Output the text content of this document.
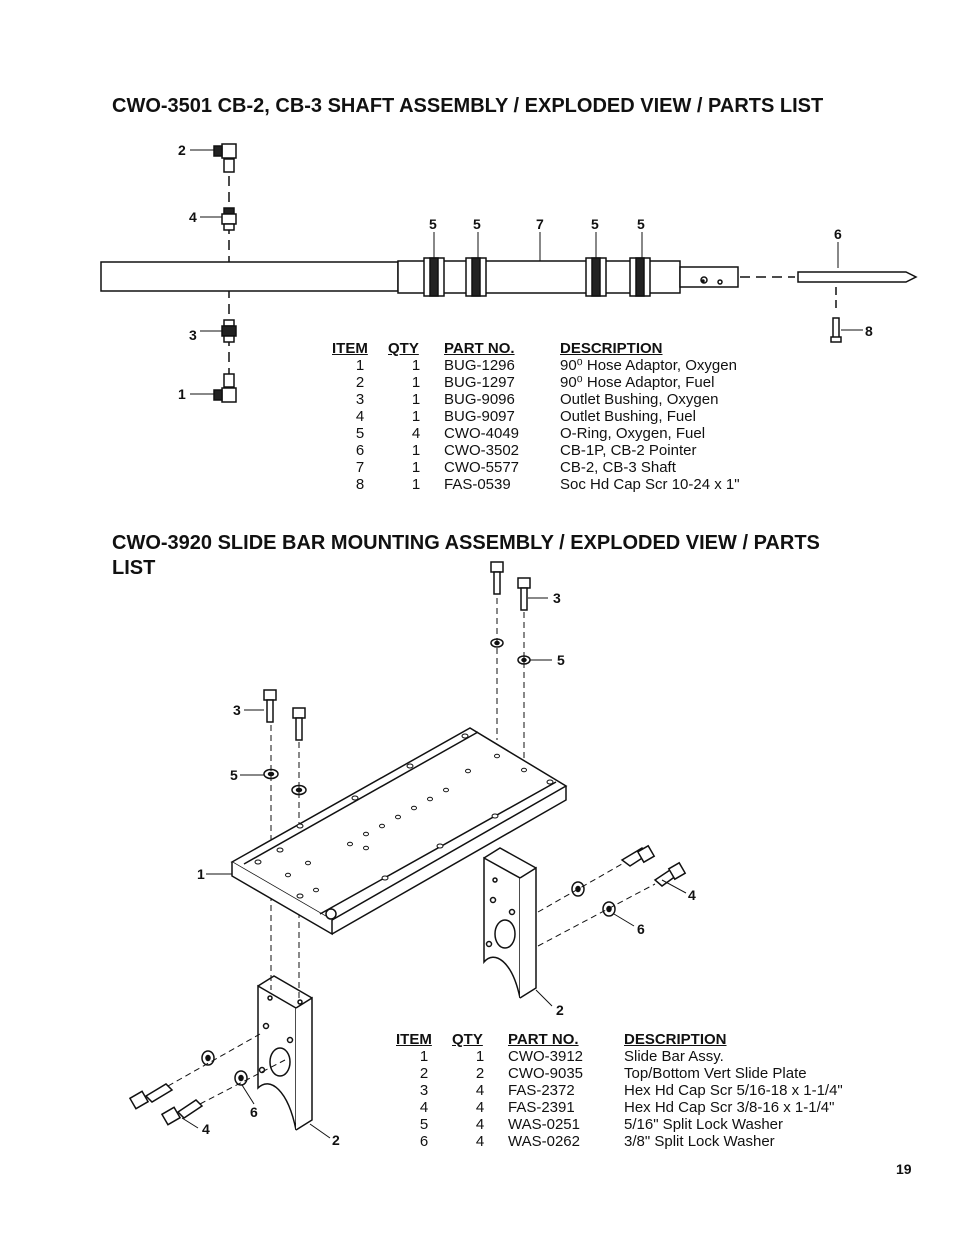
CWO-3501 CB-2, CB-3 SHAFT ASSEMBLY / EXPLODED VIEW / PARTS LIST
CWO-3920 SLIDE BAR MOUNTING ASSEMBLY / EXPLODED VIEW / PARTS LIST
2
4
3
1
5	5	7	5	5
6
8
3
5
3
5
1
4
6
2
6
4
2
ITEM	QTY	PART NO.	DESCRIPTION
1	1	BUG-1296	90⁰ Hose Adaptor, Oxygen
2	1	BUG-1297	90⁰ Hose Adaptor, Fuel
3	1	BUG-9096	Outlet Bushing, Oxygen
4	1	BUG-9097	Outlet Bushing, Fuel
5	4	CWO-4049	O-Ring, Oxygen, Fuel
6	1	CWO-3502	CB-1P, CB-2 Pointer
7	1	CWO-5577	CB-2, CB-3 Shaft
8	1	FAS-0539	Soc Hd Cap Scr 10-24 x 1"
ITEM	QTY	PART NO.	DESCRIPTION
1	1	CWO-3912	Slide Bar Assy.
2	2	CWO-9035	Top/Bottom Vert Slide Plate
3	4	FAS-2372	Hex Hd Cap Scr 5/16-18 x 1-1/4"
4	4	FAS-2391	Hex Hd Cap Scr 3/8-16 x 1-1/4"
5	4	WAS-0251	5/16" Split Lock Washer
6	4	WAS-0262	3/8" Split Lock Washer
19
